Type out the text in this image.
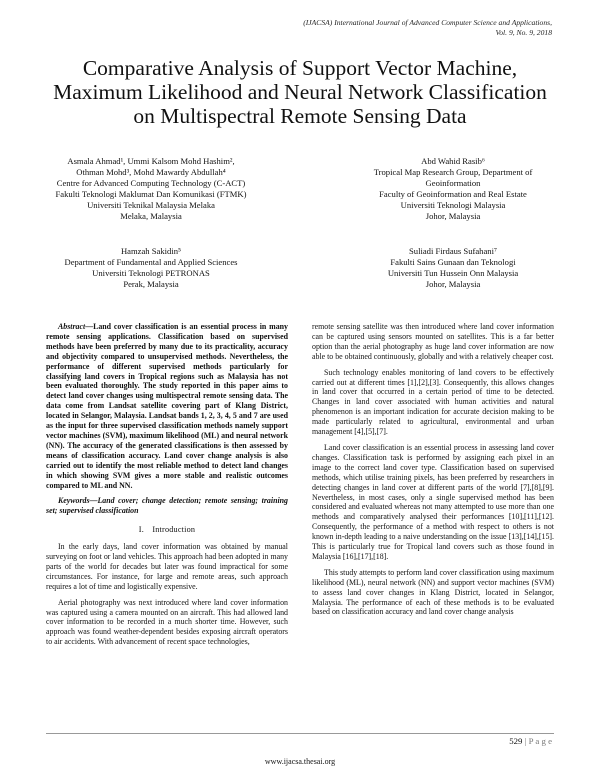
(IJACSA) International Journal of Advanced Computer Science and Applications,
Vol. 9, No. 9, 2018
Comparative Analysis of Support Vector Machine, Maximum Likelihood and Neural Network Classification on Multispectral Remote Sensing Data
Asmala Ahmad¹, Ummi Kalsom Mohd Hashim²,
Othman Mohd³, Mohd Mawardy Abdullah⁴
Centre for Advanced Computing Technology (C-ACT)
Fakulti Teknologi Maklumat Dan Komunikasi (FTMK)
Universiti Teknikal Malaysia Melaka
Melaka, Malaysia
Abd Wahid Rasib⁶
Tropical Map Research Group, Department of
Geoinformation
Faculty of Geoinformation and Real Estate
Universiti Teknologi Malaysia
Johor, Malaysia
Hamzah Sakidin⁵
Department of Fundamental and Applied Sciences
Universiti Teknologi PETRONAS
Perak, Malaysia
Suliadi Firdaus Sufahani⁷
Fakulti Sains Gunaan dan Teknologi
Universiti Tun Hussein Onn Malaysia
Johor, Malaysia

Abstract—Land cover classification is an essential process in many remote sensing applications. Classification based on supervised methods have been preferred by many due to its practicality, accuracy and objectivity compared to unsupervised methods. Nevertheless, the performance of different supervised methods particularly for classifying land covers in Tropical regions such as Malaysia has not been evaluated thoroughly. The study reported in this paper aims to detect land cover changes using multispectral remote sensing data. The data come from Landsat satellite covering part of Klang District, located in Selangor, Malaysia. Landsat bands 1, 2, 3, 4, 5 and 7 are used as the input for three supervised classification methods namely support vector machines (SVM), maximum likelihood (ML) and neural network (NN). The accuracy of the generated classifications is then assessed by means of classification accuracy. Land cover change analysis is also carried out to identify the most reliable method to detect land changes in which showing SVM gives a more stable and realistic outcomes compared to ML and NN.

Keywords—Land cover; change detection; remote sensing; training set; supervised classification

I. Introduction

In the early days, land cover information was obtained by manual surveying on foot or land vehicles. This approach had been adopted in many parts of the world for decades but later was found impractical for some circumstances. For instance, for large and remote areas, such approach requires a lot of time and logistically expensive.

Aerial photography was next introduced where land cover information was captured using a camera mounted on an aircraft. This had allowed land cover information to be recorded in a much shorter time. However, such approach was found weather-dependent besides exposing aircraft operators to air accidents. With advancement of recent space technologies,

remote sensing satellite was then introduced where land cover information can be captured using sensors mounted on satellites. This is a far better option than the aerial photography as huge land cover information are now able to be obtained continuously, globally and with a relatively cheaper cost.

Such technology enables monitoring of land covers to be effectively carried out at different times [1],[2],[3]. Consequently, this allows changes in land cover that occurred in a certain period of time to be detected. Changes in land cover associated with human activities and natural phenomenon is an important indication for accurate decision making to be made particularly related to agricultural, environmental and urban management [4],[5],[7].

Land cover classification is an essential process in assessing land cover changes. Classification task is performed by assigning each pixel in an image to the correct land cover type. Classification based on supervised methods, which utilise training pixels, has been preferred by researchers in detecting changes in land cover at different parts of the world [7],[8],[9]. Nevertheless, in most cases, only a single supervised method has been considered and evaluated whereas not many attempted to use more than one methods and comparatively analysed their performances [10],[11],[12]. Consequently, the performance of a method with respect to others is not known in-depth leading to a naive understanding on the issue [13],[14],[15]. This is particularly true for Tropical land covers such as those found in Malaysia [16],[17],[18].

This study attempts to perform land cover classification using maximum likelihood (ML), neural network (NN) and support vector machines (SVM) to assess land cover changes in Klang District, located in Selangor, Malaysia. The performance of each of these methods is to be evaluated based on classification accuracy and land cover change analysis

529 | P a g e
www.ijacsa.thesai.org
